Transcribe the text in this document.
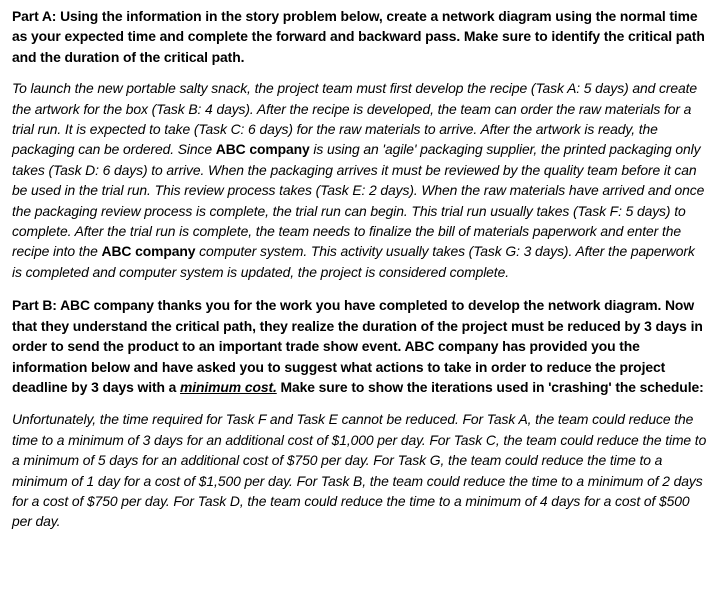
Part A: Using the information in the story problem below, create a network diagram using the normal time as your expected time and complete the forward and backward pass. Make sure to identify the critical path and the duration of the critical path.

To launch the new portable salty snack, the project team must first develop the recipe (Task A: 5 days) and create the artwork for the box (Task B: 4 days). After the recipe is developed, the team can order the raw materials for a trial run. It is expected to take (Task C: 6 days) for the raw materials to arrive. After the artwork is ready, the packaging can be ordered. Since ABC company is using an 'agile' packaging supplier, the printed packaging only takes (Task D: 6 days) to arrive. When the packaging arrives it must be reviewed by the quality team before it can be used in the trial run. This review process takes (Task E: 2 days). When the raw materials have arrived and once the packaging review process is complete, the trial run can begin. This trial run usually takes (Task F: 5 days) to complete. After the trial run is complete, the team needs to finalize the bill of materials paperwork and enter the recipe into the ABC company computer system. This activity usually takes (Task G: 3 days). After the paperwork is completed and computer system is updated, the project is considered complete.

Part B: ABC company thanks you for the work you have completed to develop the network diagram. Now that they understand the critical path, they realize the duration of the project must be reduced by 3 days in order to send the product to an important trade show event. ABC company has provided you the information below and have asked you to suggest what actions to take in order to reduce the project deadline by 3 days with a minimum cost. Make sure to show the iterations used in 'crashing' the schedule:

Unfortunately, the time required for Task F and Task E cannot be reduced. For Task A, the team could reduce the time to a minimum of 3 days for an additional cost of $1,000 per day. For Task C, the team could reduce the time to a minimum of 5 days for an additional cost of $750 per day. For Task G, the team could reduce the time to a minimum of 1 day for a cost of $1,500 per day. For Task B, the team could reduce the time to a minimum of 2 days for a cost of $750 per day. For Task D, the team could reduce the time to a minimum of 4 days for a cost of $500 per day.
